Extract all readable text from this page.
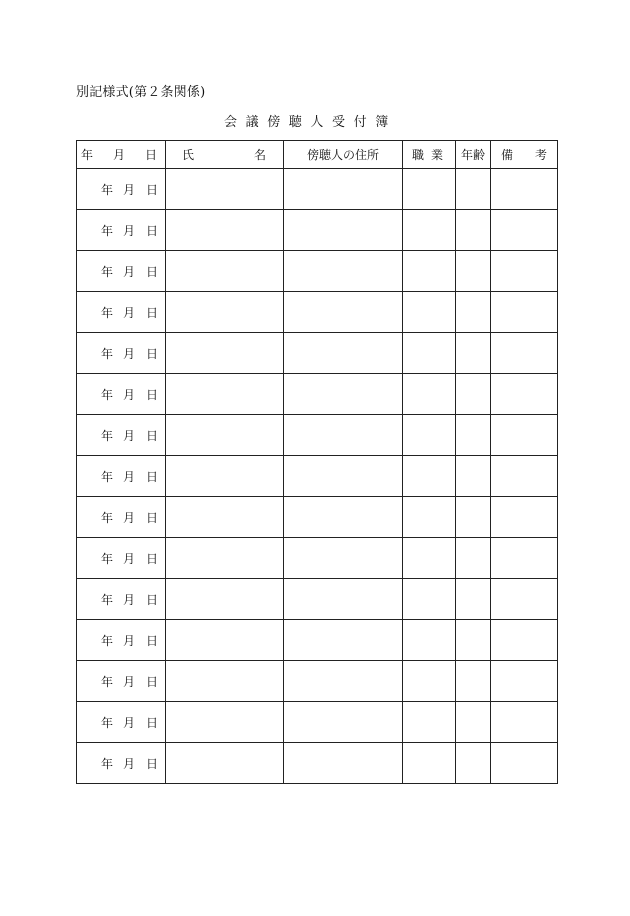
別記様式(第２条関係)
会議傍聴人受付簿
年　月　日	氏 名	傍聴人の住所	職業	年齢	備 考
年 月 日					
年 月 日					
年 月 日					
年 月 日					
年 月 日					
年 月 日					
年 月 日					
年 月 日					
年 月 日					
年 月 日					
年 月 日					
年 月 日					
年 月 日					
年 月 日					
年 月 日					
